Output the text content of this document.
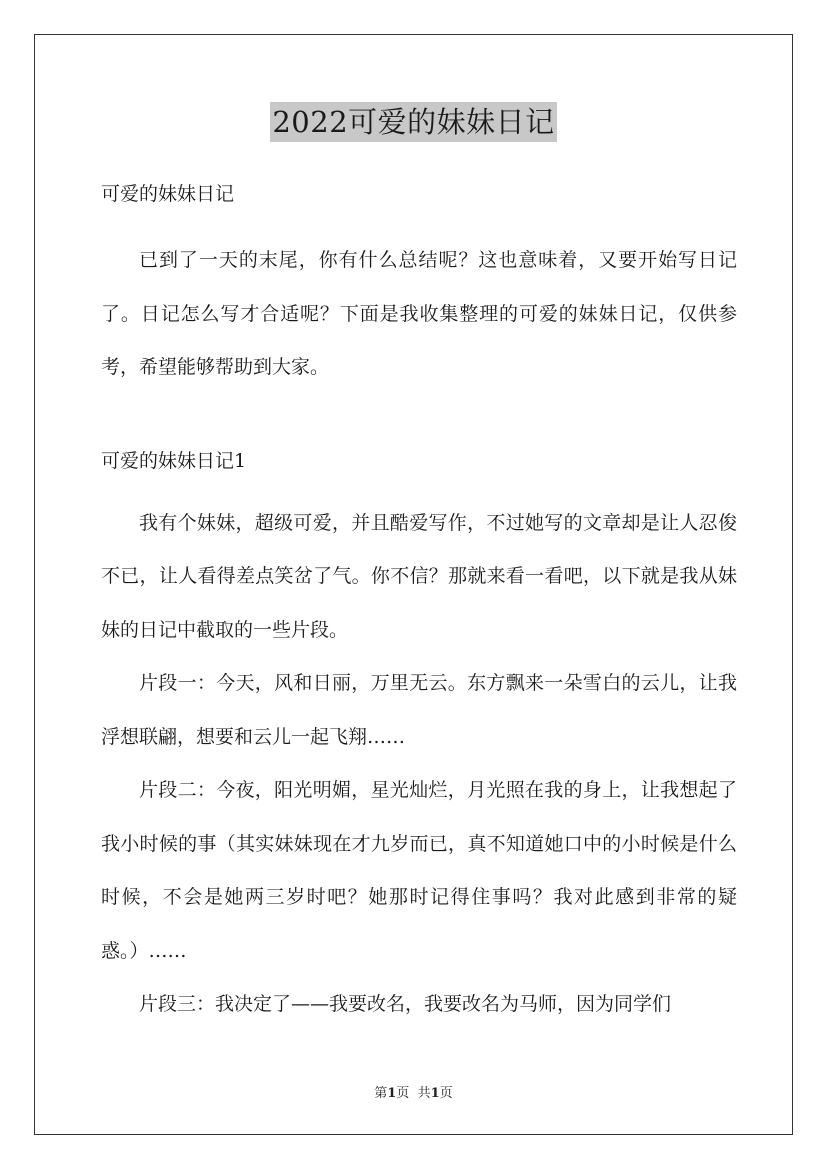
2022可爱的妹妹日记

可爱的妹妹日记

已到了一天的末尾，你有什么总结呢？这也意味着，又要开始写日记了。日记怎么写才合适呢？下面是我收集整理的可爱的妹妹日记，仅供参考，希望能够帮助到大家。

可爱的妹妹日记1

我有个妹妹，超级可爱，并且酷爱写作，不过她写的文章却是让人忍俊不已，让人看得差点笑岔了气。你不信？那就来看一看吧，以下就是我从妹妹的日记中截取的一些片段。

片段一：今天，风和日丽，万里无云。东方飘来一朵雪白的云儿，让我浮想联翩，想要和云儿一起飞翔……

片段二：今夜，阳光明媚，星光灿烂，月光照在我的身上，让我想起了我小时候的事（其实妹妹现在才九岁而已，真不知道她口中的小时候是什么时候，不会是她两三岁时吧？她那时记得住事吗？我对此感到非常的疑惑。）……

片段三：我决定了——我要改名，我要改名为马师，因为同学们

第1页 共1页
